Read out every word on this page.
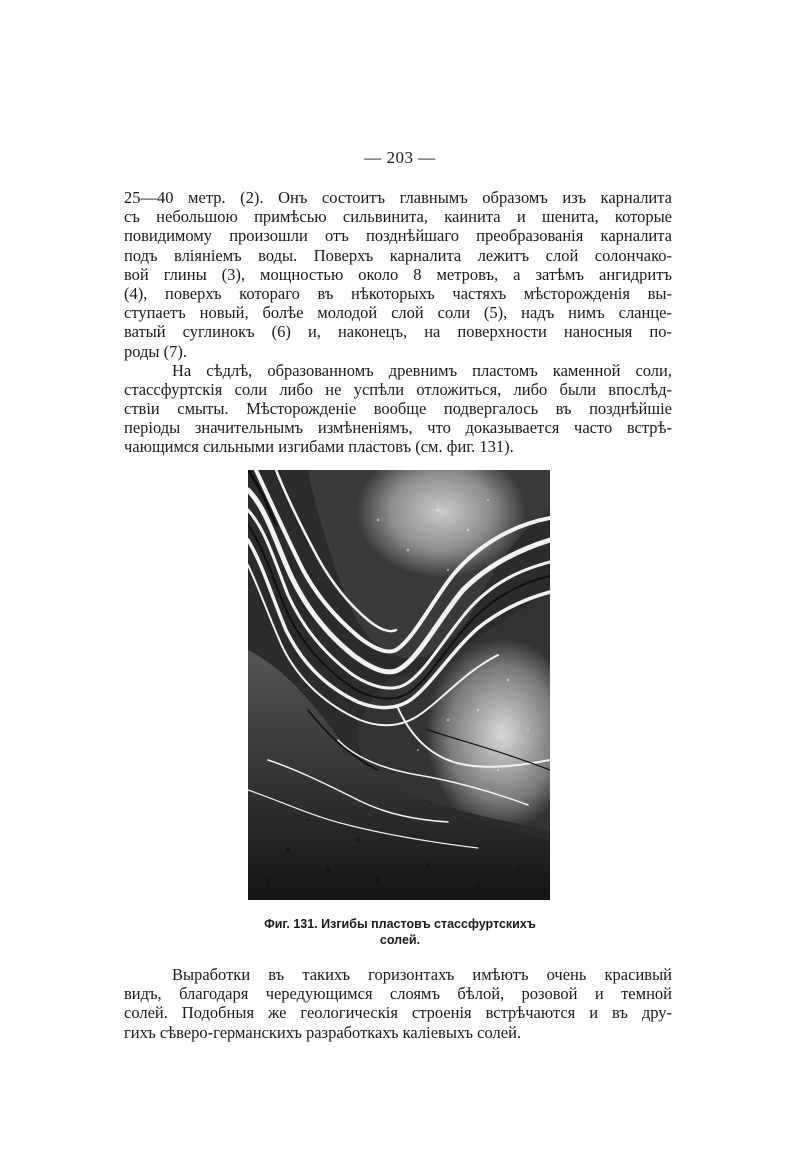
— 203 —
25—40 метр. (2). Онъ состоитъ главнымъ образомъ изъ карналита
съ небольшою примѣсью сильвинита, каинита и шенита, которые
повидимому произошли отъ позднѣйшаго преобразованія карналита
подъ вліяніемъ воды. Поверхъ карналита лежитъ слой солончако-
вой глины (3), мощностью около 8 метровъ, а затѣмъ ангидритъ
(4), поверхъ котораго въ нѣкоторыхъ частяхъ мѣсторожденія вы-
ступаетъ новый, болѣе молодой слой соли (5), надъ нимъ сланце-
ватый суглинокъ (6) и, наконецъ, на поверхности наносныя по-
роды (7).
На сѣдлѣ, образованномъ древнимъ пластомъ каменной соли,
стассфуртскія соли либо не успѣли отложиться, либо были впослѣд-
ствіи смыты. Мѣсторожденіе вообще подвергалось въ позднѣйшіе
періоды значительнымъ измѣненіямъ, что доказывается часто встрѣ-
чающимся сильными изгибами пластовъ (см. фиг. 131).
Фиг. 131. Изгибы пластовъ стассфуртскихъ
солей.
Выработки въ такихъ горизонтахъ имѣютъ очень красивый
видъ, благодаря чередующимся слоямъ бѣлой, розовой и темной
солей. Подобныя же геологическія строенія встрѣчаются и въ дру-
гихъ сѣверо-германскихъ разработкахъ каліевыхъ солей.
